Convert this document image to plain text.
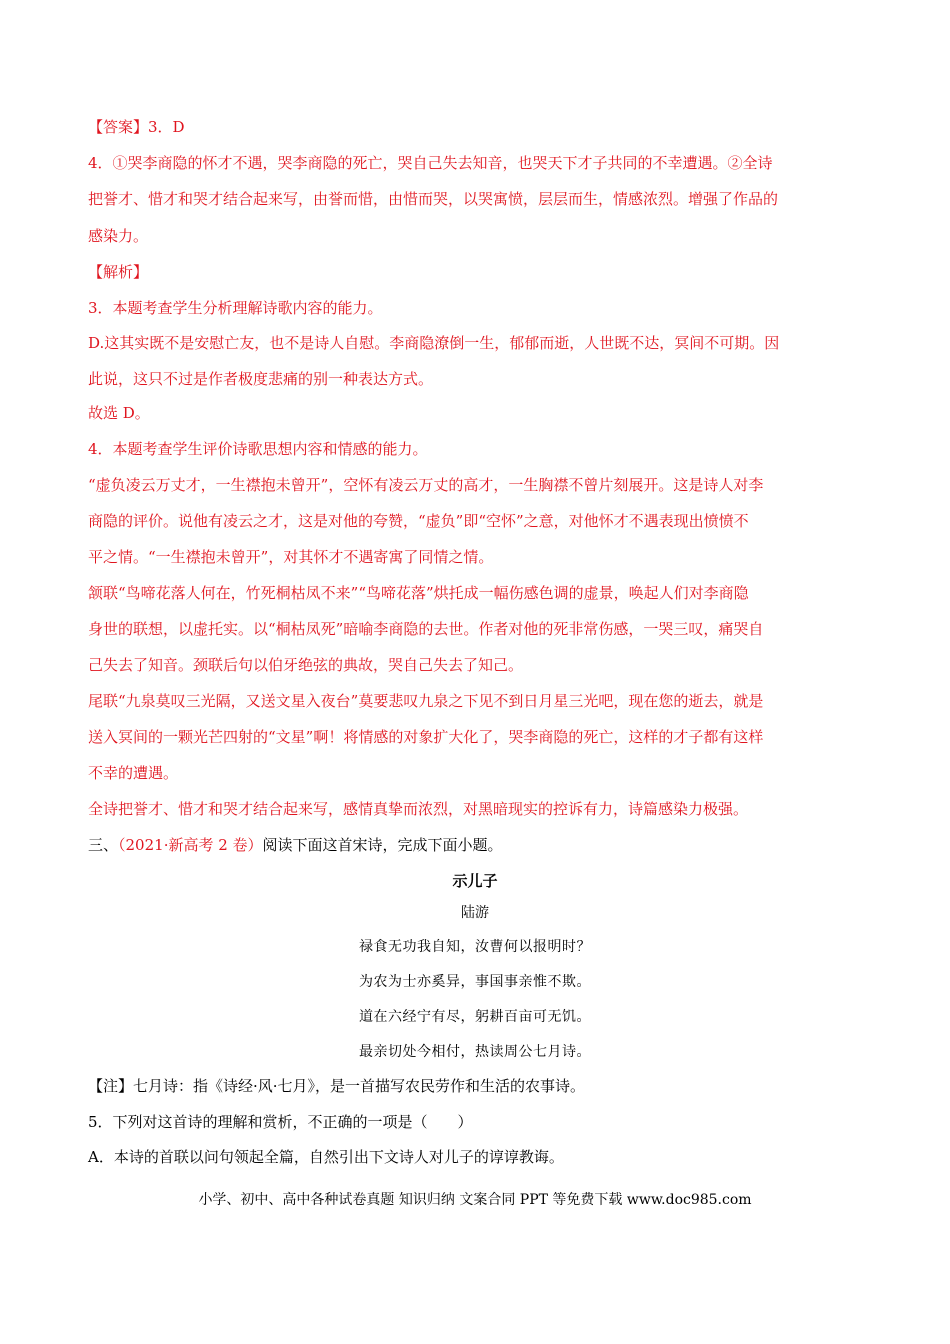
【答案】3．D
4．①哭李商隐的怀才不遇，哭李商隐的死亡，哭自己失去知音，也哭天下才子共同的不幸遭遇。②全诗
把誉才、惜才和哭才结合起来写，由誉而惜，由惜而哭，以哭寓愤，层层而生，情感浓烈。增强了作品的
感染力。
【解析】
3．本题考查学生分析理解诗歌内容的能力。
D.这其实既不是安慰亡友，也不是诗人自慰。李商隐潦倒一生，郁郁而逝，人世既不达，冥间不可期。因
此说，这只不过是作者极度悲痛的别一种表达方式。
故选 D。
4．本题考查学生评价诗歌思想内容和情感的能力。
“虚负凌云万丈才，一生襟抱未曾开”，空怀有凌云万丈的高才，一生胸襟不曾片刻展开。这是诗人对李
商隐的评价。说他有凌云之才，这是对他的夸赞，“虚负”即“空怀”之意，对他怀才不遇表现出愤愤不
平之情。“一生襟抱未曾开”，对其怀才不遇寄寓了同情之情。
颔联“鸟啼花落人何在，竹死桐枯凤不来”“鸟啼花落”烘托成一幅伤感色调的虚景，唤起人们对李商隐
身世的联想，以虚托实。以“桐枯凤死”暗喻李商隐的去世。作者对他的死非常伤感，一哭三叹，痛哭自
己失去了知音。颈联后句以伯牙绝弦的典故，哭自己失去了知己。
尾联“九泉莫叹三光隔，又送文星入夜台”莫要悲叹九泉之下见不到日月星三光吧，现在您的逝去，就是
送入冥间的一颗光芒四射的“文星”啊！将情感的对象扩大化了，哭李商隐的死亡，这样的才子都有这样
不幸的遭遇。
全诗把誉才、惜才和哭才结合起来写，感情真挚而浓烈，对黑暗现实的控诉有力，诗篇感染力极强。
三、（2021·新高考 2 卷）阅读下面这首宋诗，完成下面小题。
示儿子
陆游
禄食无功我自知，汝曹何以报明时？
为农为士亦奚异，事国事亲惟不欺。
道在六经宁有尽，躬耕百亩可无饥。
最亲切处今相付，热读周公七月诗。
【注】七月诗：指《诗经·风·七月》，是一首描写农民劳作和生活的农事诗。
5．下列对这首诗的理解和赏析，不正确的一项是（　　）
A．本诗的首联以问句领起全篇，自然引出下文诗人对儿子的谆谆教诲。
小学、初中、高中各种试卷真题 知识归纳 文案合同 PPT 等免费下载 www.doc985.com
